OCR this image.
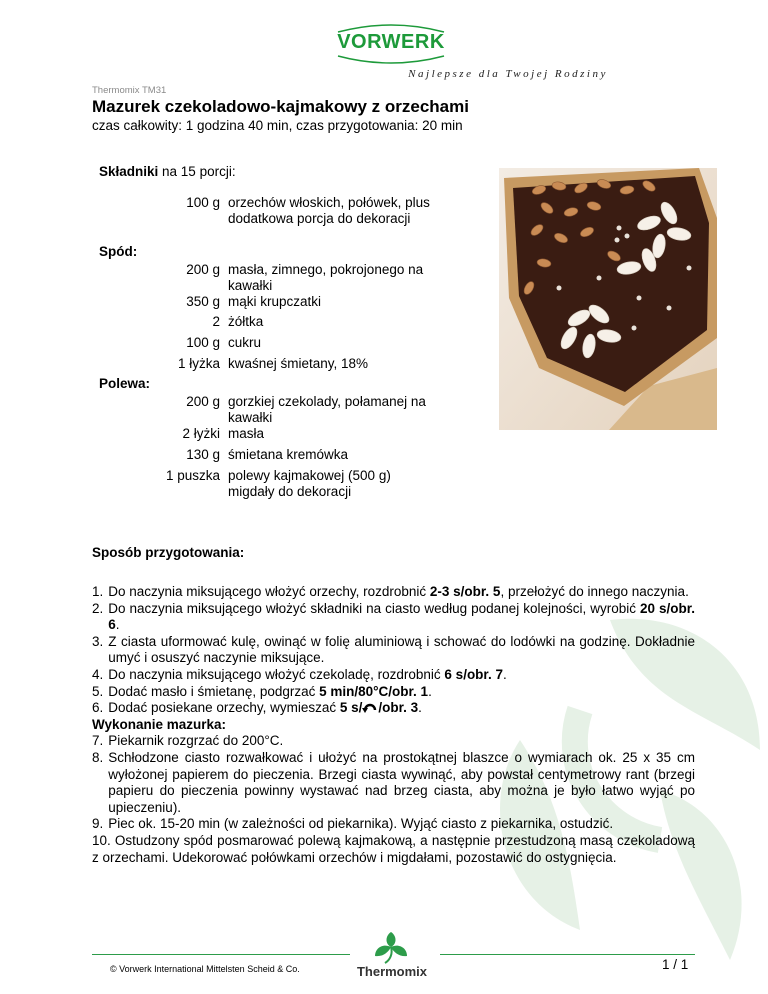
VORWERK
Najlepsze dla Twojej Rodziny
Thermomix TM31
Mazurek czekoladowo-kajmakowy z orzechami
czas całkowity: 1 godzina 40 min, czas przygotowania: 20 min
Składniki na 15 porcji:
100 g orzechów włoskich, połówek, plus dodatkowa porcja do dekoracji
Spód:
200 g masła, zimnego, pokrojonego na kawałki
350 g mąki krupczatki
2 żółtka
100 g cukru
1 łyżka kwaśnej śmietany, 18%
Polewa:
200 g gorzkiej czekolady, połamanej na kawałki
2 łyżki masła
130 g śmietana kremówka
1 puszka polewy kajmakowej (500 g)
migdały do dekoracji
Sposób przygotowania:
1. Do naczynia miksującego włożyć orzechy, rozdrobnić 2-3 s/obr. 5, przełożyć do innego naczynia.
2. Do naczynia miksującego włożyć składniki na ciasto według podanej kolejności, wyrobić 20 s/obr. 6.
3. Z ciasta uformować kulę, owinąć w folię aluminiową i schować do lodówki na godzinę. Dokładnie umyć i osuszyć naczynie miksujące.
4. Do naczynia miksującego włożyć czekoladę, rozdrobnić 6 s/obr. 7.
5. Dodać masło i śmietanę, podgrzać 5 min/80°C/obr. 1.
6. Dodać posiekane orzechy, wymieszać 5 s/ /obr. 3.
Wykonanie mazurka:
7. Piekarnik rozgrzać do 200°C.
8. Schłodzone ciasto rozwałkować i ułożyć na prostokątnej blaszce o wymiarach ok. 25 x 35 cm wyłożonej papierem do pieczenia. Brzegi ciasta wywinąć, aby powstał centymetrowy rant (brzegi papieru do pieczenia powinny wystawać nad brzeg ciasta, aby można je było łatwo wyjąć po upieczeniu).
9. Piec ok. 15-20 min (w zależności od piekarnika). Wyjąć ciasto z piekarnika, ostudzić.
10. Ostudzony spód posmarować polewą kajmakową, a następnie przestudzoną masą czekoladową z orzechami. Udekorować połówkami orzechów i migdałami, pozostawić do ostygnięcia.
© Vorwerk International Mittelsten Scheid & Co.	Thermomix	1 / 1
